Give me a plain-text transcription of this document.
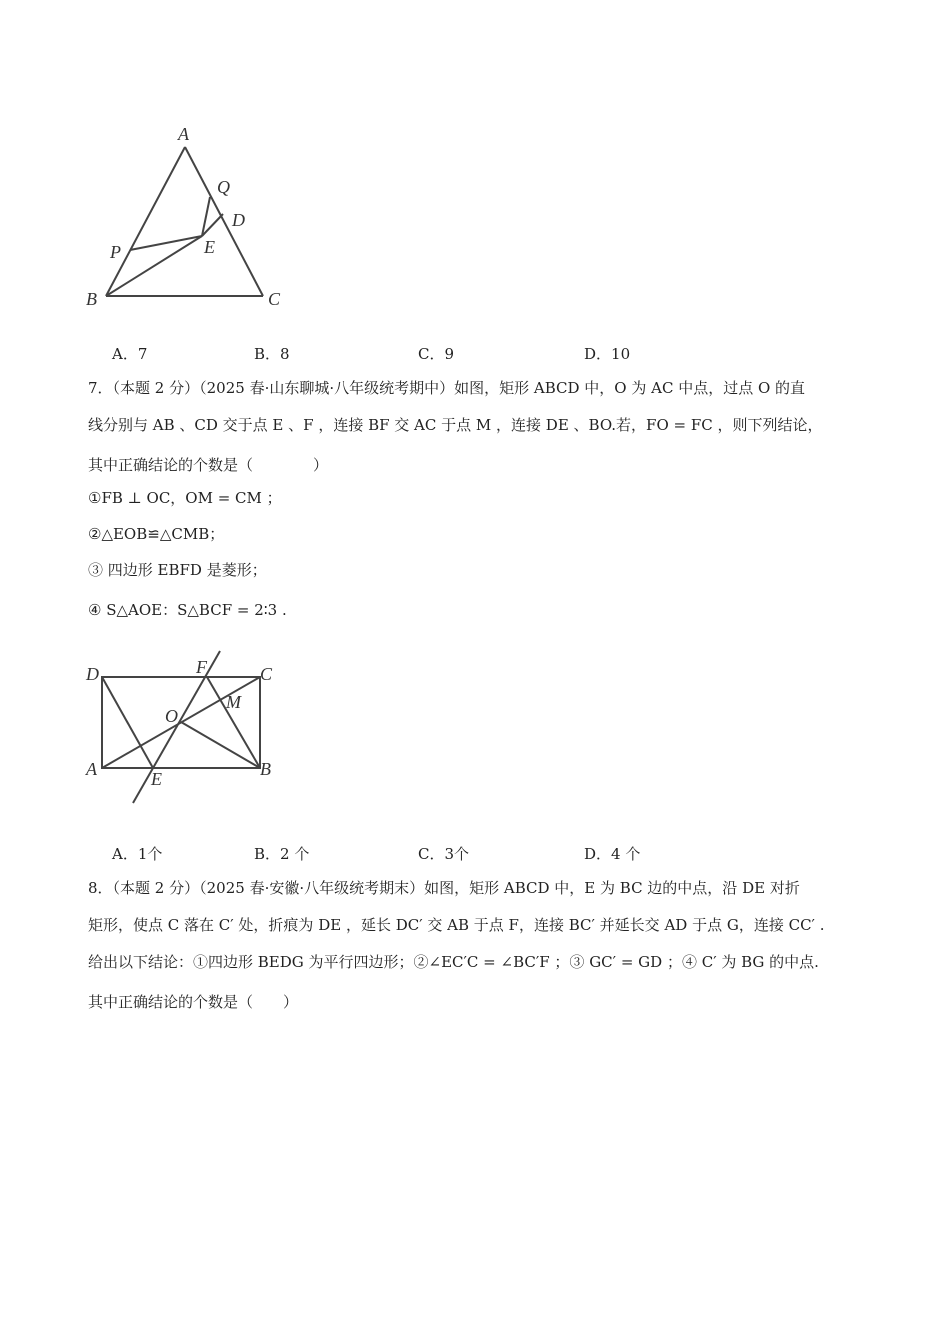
A
Q
D
P	E
B	C
A．7	B．8	C．9	D．10
7．（本题 2 分）（2025 春·山东聊城·八年级统考期中）如图，矩形 ABCD 中，O 为 AC 中点，过点 O 的直
线分别与 AB 、CD 交于点 E 、F ，连接 BF 交 AC 于点 M ，连接 DE 、BO.若，FO = FC ，则下列结论，
其中正确结论的个数是（　　　　）
①FB ⊥ OC，OM = CM ；
②△EOB≌△CMB；
③ 四边形 EBFD 是菱形；
④ S△AOE：S△BCF = 2∶3 .
D	F	C
M
O
A	E	B
A．1个	B．2 个	C．3个	D．4 个
8．（本题 2 分）（2025 春·安徽·八年级统考期末）如图，矩形 ABCD 中，E 为 BC 边的中点，沿 DE 对折
矩形，使点 C 落在 C′ 处，折痕为 DE ，延长 DC′ 交 AB 于点 F，连接 BC′ 并延长交 AD 于点 G，连接 CC′ .
给出以下结论：①四边形 BEDG 为平行四边形；②∠EC′C = ∠BC′F ；③ GC′ = GD ；④ C′ 为 BG 的中点.
其中正确结论的个数是（　　）
